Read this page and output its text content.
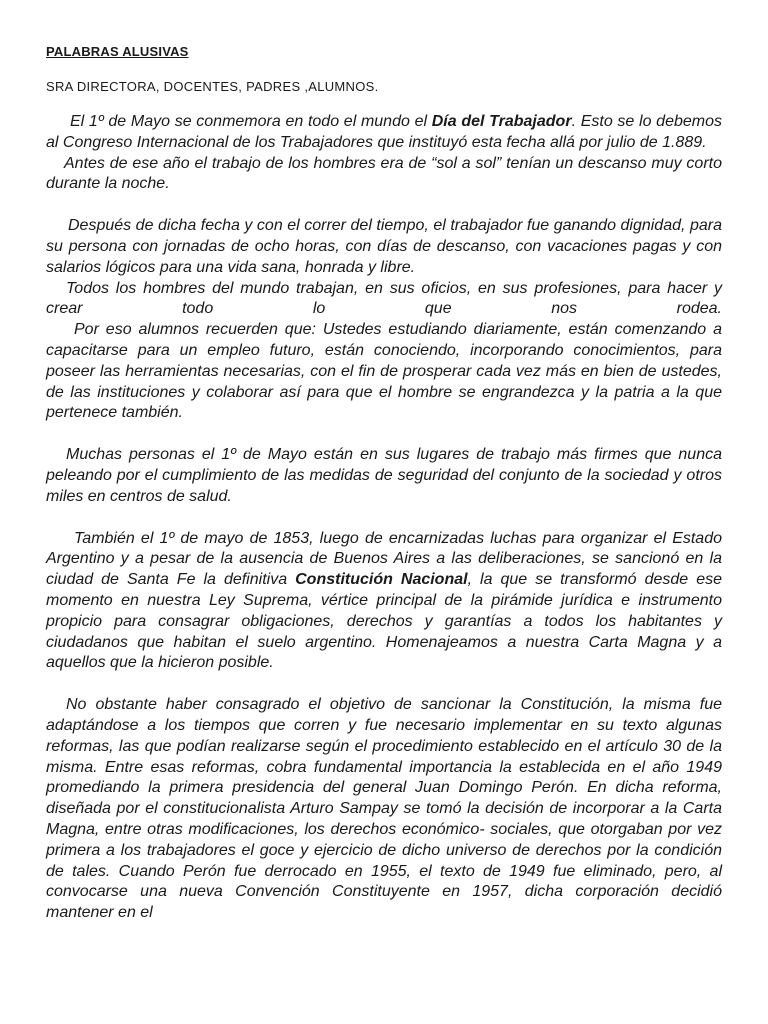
PALABRAS ALUSIVAS
SRA DIRECTORA, DOCENTES, PADRES ,ALUMNOS.

El 1º de Mayo se conmemora en todo el mundo el Día del Trabajador. Esto se lo debemos al Congreso Internacional de los Trabajadores que instituyó esta fecha allá por julio de 1.889.

Antes de ese año el trabajo de los hombres era de “sol a sol” tenían un descanso muy corto durante la noche.

Después de dicha fecha y con el correr del tiempo, el trabajador fue ganando dignidad, para su persona con jornadas de ocho horas, con días de descanso, con vacaciones pagas y con salarios lógicos para una vida sana, honrada y libre.

Todos los hombres del mundo trabajan, en sus oficios, en sus profesiones, para hacer y crear todo lo que nos rodea.

Por eso alumnos recuerden que: Ustedes estudiando diariamente, están comenzando a capacitarse para un empleo futuro, están conociendo, incorporando conocimientos, para poseer las herramientas necesarias, con el fin de prosperar cada vez más en bien de ustedes, de las instituciones y colaborar así para que el hombre se engrandezca y la patria a la que pertenece también.

Muchas personas el 1º de Mayo están en sus lugares de trabajo más firmes que nunca peleando por el cumplimiento de las medidas de seguridad del conjunto de la sociedad y otros miles en centros de salud.

También el 1º de mayo de 1853, luego de encarnizadas luchas para organizar el Estado Argentino y a pesar de la ausencia de Buenos Aires a las deliberaciones, se sancionó en la ciudad de Santa Fe la definitiva Constitución Nacional, la que se transformó desde ese momento en nuestra Ley Suprema, vértice principal de la pirámide jurídica e instrumento propicio para consagrar obligaciones, derechos y garantías a todos los habitantes y ciudadanos que habitan el suelo argentino. Homenajeamos a nuestra Carta Magna y a aquellos que la hicieron posible.

No obstante haber consagrado el objetivo de sancionar la Constitución, la misma fue adaptándose a los tiempos que corren y fue necesario implementar en su texto algunas reformas, las que podían realizarse según el procedimiento establecido en el artículo 30 de la misma. Entre esas reformas, cobra fundamental importancia la establecida en el año 1949 promediando la primera presidencia del general Juan Domingo Perón. En dicha reforma, diseñada por el constitucionalista Arturo Sampay se tomó la decisión de incorporar a la Carta Magna, entre otras modificaciones, los derechos económico- sociales, que otorgaban por vez primera a los trabajadores el goce y ejercicio de dicho universo de derechos por la condición de tales. Cuando Perón fue derrocado en 1955, el texto de 1949 fue eliminado, pero, al convocarse una nueva Convención Constituyente en 1957, dicha corporación decidió mantener en el
